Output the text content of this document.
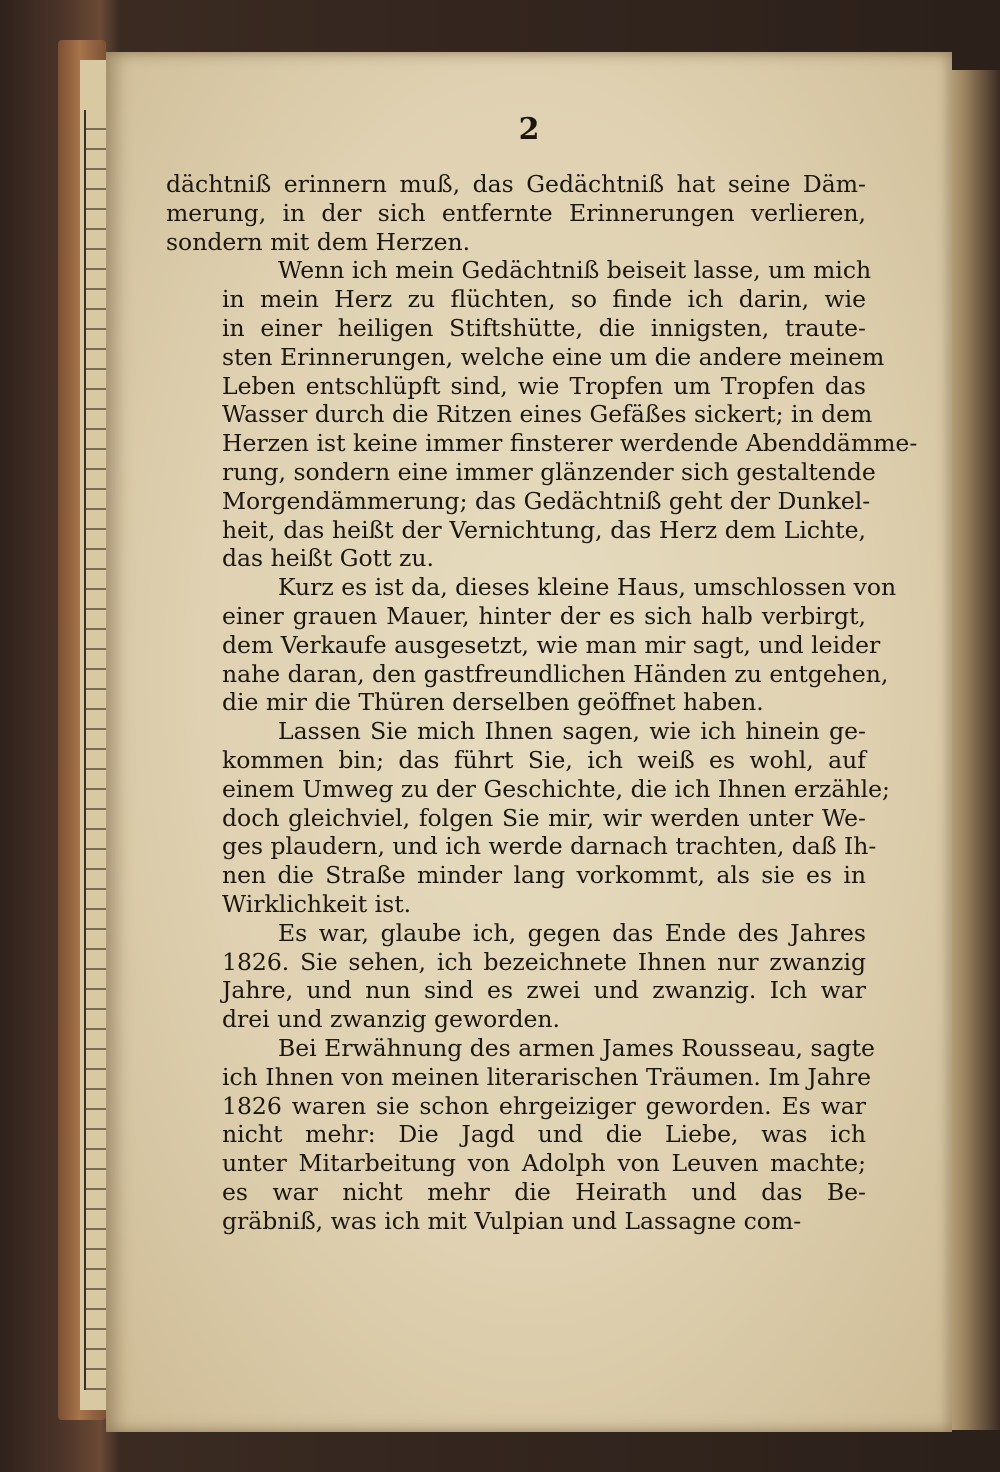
2

dächtniß erinnern muß, das Gedächtniß hat seine Däm-
merung, in der sich entfernte Erinnerungen verlieren,
sondern mit dem Herzen.

Wenn ich mein Gedächtniß beiseit lasse, um mich
in mein Herz zu flüchten, so finde ich darin, wie
in einer heiligen Stiftshütte, die innigsten, traute-
sten Erinnerungen, welche eine um die andere meinem
Leben entschlüpft sind, wie Tropfen um Tropfen das
Wasser durch die Ritzen eines Gefäßes sickert; in dem
Herzen ist keine immer finsterer werdende Abenddämme-
rung, sondern eine immer glänzender sich gestaltende
Morgendämmerung; das Gedächtniß geht der Dunkel-
heit, das heißt der Vernichtung, das Herz dem Lichte,
das heißt Gott zu.

Kurz es ist da, dieses kleine Haus, umschlossen von
einer grauen Mauer, hinter der es sich halb verbirgt,
dem Verkaufe ausgesetzt, wie man mir sagt, und leider
nahe daran, den gastfreundlichen Händen zu entgehen,
die mir die Thüren derselben geöffnet haben.

Lassen Sie mich Ihnen sagen, wie ich hinein ge-
kommen bin; das führt Sie, ich weiß es wohl, auf
einem Umweg zu der Geschichte, die ich Ihnen erzähle;
doch gleichviel, folgen Sie mir, wir werden unter We-
ges plaudern, und ich werde darnach trachten, daß Ih-
nen die Straße minder lang vorkommt, als sie es in
Wirklichkeit ist.

Es war, glaube ich, gegen das Ende des Jahres
1826. Sie sehen, ich bezeichnete Ihnen nur zwanzig
Jahre, und nun sind es zwei und zwanzig. Ich war
drei und zwanzig geworden.

Bei Erwähnung des armen James Rousseau, sagte
ich Ihnen von meinen literarischen Träumen. Im Jahre
1826 waren sie schon ehrgeiziger geworden. Es war
nicht mehr: Die Jagd und die Liebe, was ich
unter Mitarbeitung von Adolph von Leuven machte;
es war nicht mehr die Heirath und das Be-
gräbniß, was ich mit Vulpian und Lassagne com-
